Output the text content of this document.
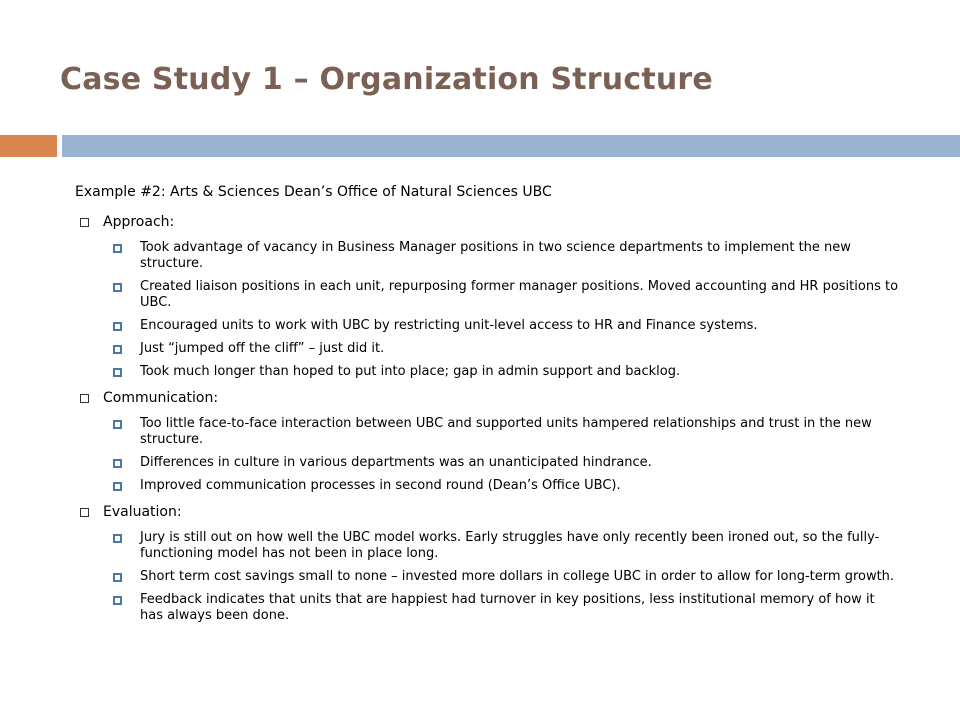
Case Study 1 – Organization Structure
Example #2: Arts & Sciences Dean’s Office of Natural Sciences UBC
Approach:
Took advantage of vacancy in Business Manager positions in two science departments to implement the new structure.
Created liaison positions in each unit, repurposing former manager positions. Moved accounting and HR positions to UBC.
Encouraged units to work with UBC by restricting unit-level access to HR and Finance systems.
Just “jumped off the cliff” – just did it.
Took much longer than hoped to put into place; gap in admin support and backlog.
Communication:
Too little face-to-face interaction between UBC and supported units hampered relationships and trust in the new structure.
Differences in culture in various departments was an unanticipated hindrance.
Improved communication processes in second round (Dean’s Office UBC).
Evaluation:
Jury is still out on how well the UBC model works. Early struggles have only recently been ironed out, so the fully-functioning model has not been in place long.
Short term cost savings small to none – invested more dollars in college UBC in order to allow for long-term growth.
Feedback indicates that units that are happiest had turnover in key positions, less institutional memory of how it has always been done.
